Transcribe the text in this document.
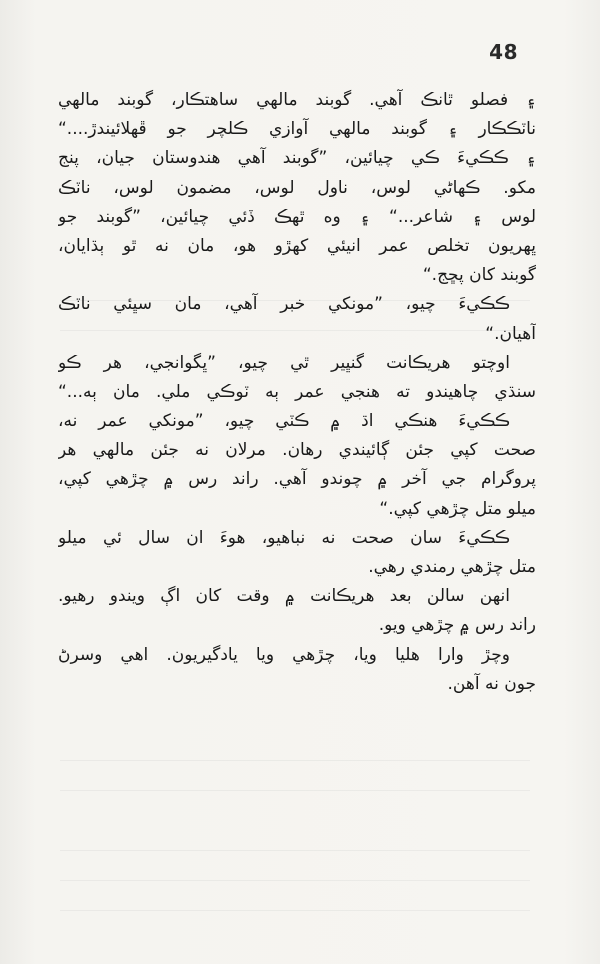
48
۽ فصلو ٿانڪ آهي. گوبند مالهي ساهتڪار، گوبند مالهي
ناٽڪڪار ۽ گوبند مالهي آوازي ڪلچر جو ڦهلائيندڙ....“
۽ ڪڪيءَ ڪي چيائين، ”گوبند آهي هندوستان جيان، پنج
مکو. ڪهاڻي لوس، ناول لوس، مضمون لوس، ناٽڪ
لوس ۽ شاعر...“ ۽ وه ٿهڪ ڏئي چيائين، ”گوبند جو
ڀهريون تخلص عمر انيئي کهڙو هو، مان نه ٿو ٻڌايان،
گوبند کان پڇج.“
ڪڪيءَ چيو، ”مونکي خبر آهي، مان سڀئي ناٽڪ
آهيان.“
اوچتو هريڪانت گنڀير ٿي چيو، ”ڀگوانجي، هر ڪو
سنڌي چاهيندو ته هنجي عمر ٻه ٽوڪي ملي. مان ٻه...“
ڪڪيءَ هنڪي اڌ ۾ ڪٽي چيو، ”مونکي عمر نه،
صحت کپي جئن ڳائيندي رهان. مرلان نه جئن مالهي هر
پروگرام جي آخر ۾ چوندو آهي. راند رس ۾ چڙهي کپي،
ميلو متل چڙهي کپي.“
ڪڪيءَ سان صحت نه نباهيو، هوءَ ان سال ئي ميلو
متل چڙهي رمندي رهي.
انهن سالن بعد هريڪانت ۾ وقت کان اڳ ويندو رهيو.
راند رس ۾ چڙهي ويو.
وچڙ وارا هليا ويا، چڙهي ويا يادگيريون. اهي وسرڻ
جون نه آهن.
